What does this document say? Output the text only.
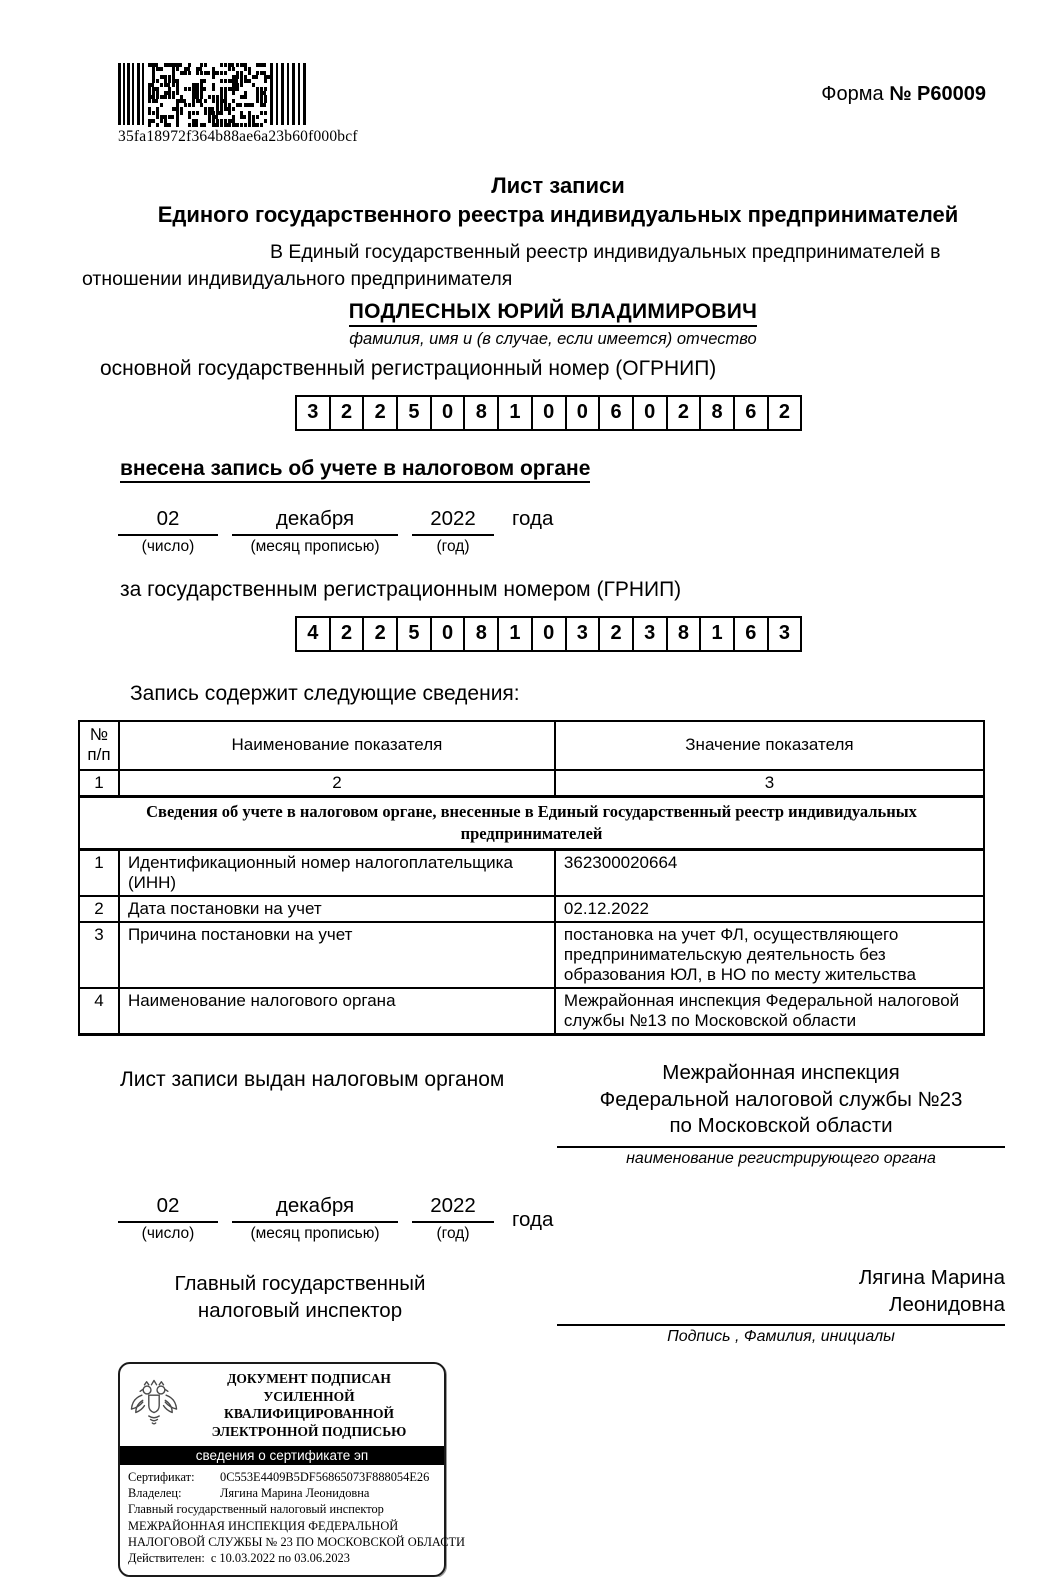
35fa18972f364b88ae6a23b60f000bcf
Форма № Р60009
Лист записи
Единого государственного реестра индивидуальных предпринимателей
В Единый государственный реестр индивидуальных предпринимателей в отношении индивидуального предпринимателя
ПОДЛЕСНЫХ ЮРИЙ ВЛАДИМИРОВИЧ
фамилия, имя и (в случае, если имеется) отчество
основной государственный регистрационный номер (ОГРНИП)
3	2	2	5	0	8	1	0	0	6	0	2	8	6	2
внесена запись об учете в налоговом органе
02
(число)
декабря
(месяц прописью)
2022
(год)
года
за государственным регистрационным номером (ГРНИП)
4	2	2	5	0	8	1	0	3	2	3	8	1	6	3
Запись содержит следующие сведения:
№
п/п	Наименование показателя	Значение показателя
1	2	3
Сведения об учете в налоговом органе, внесенные в Единый государственный реестр индивидуальных предпринимателей		
1	Идентификационный номер налогоплательщика (ИНН)	362300020664
2	Дата постановки на учет	02.12.2022
3	Причина постановки на учет	постановка на учет ФЛ, осуществляющего предпринимательскую деятельность без образования ЮЛ, в НО по месту жительства
4	Наименование налогового органа	Межрайонная инспекция Федеральной налоговой службы №13 по Московской области
Лист записи выдан налоговым органом	Межрайонная инспекция
Федеральной налоговой службы №23
по Московской области
наименование регистрирующего органа
02
(число)
декабря
(месяц прописью)
2022
(год)
года
Главный государственный
налоговый инспектор
Лягина Марина
Леонидовна
Подпись , Фамилия, инициалы
ДОКУМЕНТ ПОДПИСАН
УСИЛЕННОЙ КВАЛИФИЦИРОВАННОЙ
ЭЛЕКТРОННОЙ ПОДПИСЬЮ
сведения о сертификате эп
Сертификат:	0C553E4409B5DF56865073F888054E26
Владелец:	Лягина Марина Леонидовна
Главный государственный налоговый инспектор
МЕЖРАЙОННАЯ ИНСПЕКЦИЯ ФЕДЕРАЛЬНОЙ
НАЛОГОВОЙ СЛУЖБЫ № 23 ПО МОСКОВСКОЙ ОБЛАСТИ
Действителен: с 10.03.2022 по 03.06.2023
